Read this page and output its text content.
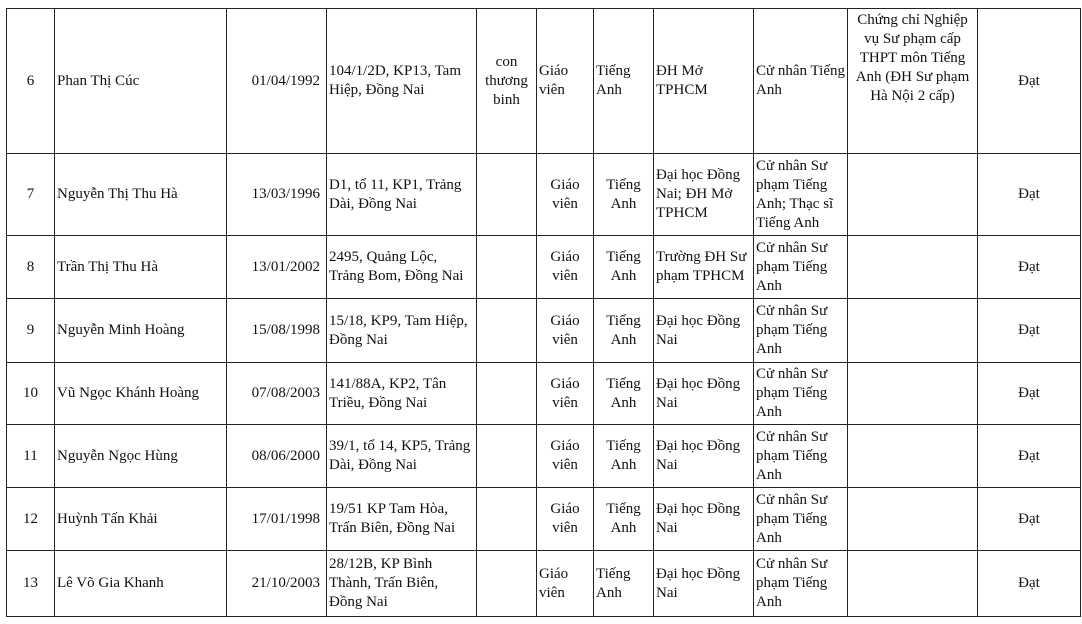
6	Phan Thị Cúc	01/04/1992	104/1/2D, KP13, Tam Hiệp, Đồng Nai	con thương binh	Giáo viên	Tiếng Anh	ĐH Mở TPHCM	Cử nhân Tiếng Anh	Chứng chỉ Nghiệp vụ Sư phạm cấp THPT môn Tiếng Anh (ĐH Sư phạm Hà Nội 2 cấp)	Đạt
7	Nguyễn Thị Thu Hà	13/03/1996	D1, tổ 11, KP1, Trảng Dài, Đồng Nai		Giáo viên	Tiếng Anh	Đại học Đồng Nai; ĐH Mở TPHCM	Cử nhân Sư phạm Tiếng Anh; Thạc sĩ Tiếng Anh		Đạt
8	Trần Thị Thu Hà	13/01/2002	2495, Quảng Lộc, Trảng Bom, Đồng Nai		Giáo viên	Tiếng Anh	Trường ĐH Sư phạm TPHCM	Cử nhân Sư phạm Tiếng Anh		Đạt
9	Nguyễn Minh Hoàng	15/08/1998	15/18, KP9, Tam Hiệp, Đồng Nai		Giáo viên	Tiếng Anh	Đại học Đồng Nai	Cử nhân Sư phạm Tiếng Anh		Đạt
10	Vũ Ngọc Khánh Hoàng	07/08/2003	141/88A, KP2, Tân Triều, Đồng Nai		Giáo viên	Tiếng Anh	Đại học Đồng Nai	Cử nhân Sư phạm Tiếng Anh		Đạt
11	Nguyễn Ngọc Hùng	08/06/2000	39/1, tổ 14, KP5, Trảng Dài, Đồng Nai		Giáo viên	Tiếng Anh	Đại học Đồng Nai	Cử nhân Sư phạm Tiếng Anh		Đạt
12	Huỳnh Tấn Khải	17/01/1998	19/51 KP Tam Hòa, Trấn Biên, Đồng Nai		Giáo viên	Tiếng Anh	Đại học Đồng Nai	Cử nhân Sư phạm Tiếng Anh		Đạt
13	Lê Võ Gia Khanh	21/10/2003	28/12B, KP Bình Thành, Trấn Biên, Đồng Nai		Giáo viên	Tiếng Anh	Đại học Đồng Nai	Cử nhân Sư phạm Tiếng Anh		Đạt
